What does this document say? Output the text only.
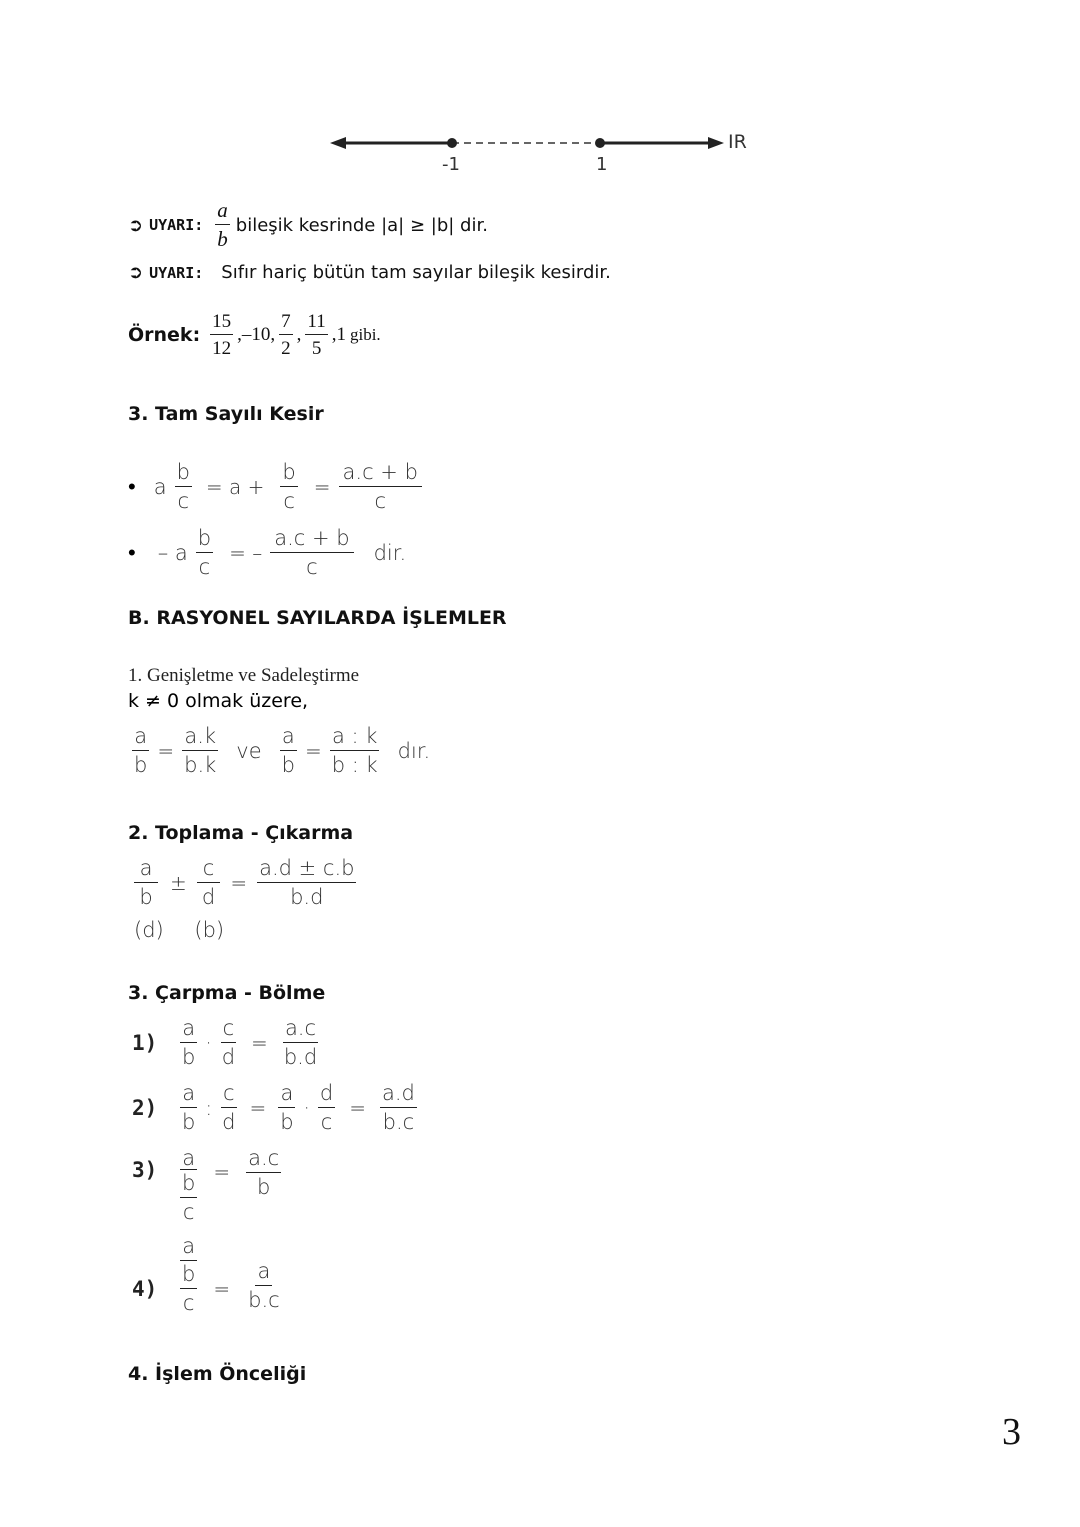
-1	1
IR
➲ UYARI: $\frac{a}{b}$ bileşik kesrinde |a| ≥ |b| dir.
➲ UYARI: Sıfır hariç bütün tam sayılar bileşik kesirdir.
Örnek: $\frac{15}{12} ,-10$, $\frac{7}{2}$ , $\frac{11}{5} ,1$ gibi.
3. Tam Sayılı Kesir
• a $\frac{b}{c} = a + \frac{b}{c} = \frac{a.c + b}{c}$
• – a $\frac{b}{c}$ = – $\frac{a.c + b}{c}$ dir.
B. RASYONEL SAYILARDA İŞLEMLER
1. Genişletme ve Sadeleştirme
k ≠ 0 olmak üzere,
$\frac{a}{b} = \frac{a.k}{b.k}$ ve $\frac{a}{b} = \frac{a : k}{b : k}$ dır.
2. Toplama - Çıkarma
$\frac{a}{b} \pm \frac{c}{d} = \frac{a.d \pm c.b}{b.d}$
(d) (b)
3. Çarpma - Bölme
1)	$\frac{a}{b} \cdot \frac{c}{d} = \frac{a.c}{b.d}$
2)	$\frac{a}{b}$ : $\frac{c}{d} = \frac{a}{b} \cdot \frac{d}{c} = \frac{a.d}{b.c}$
3)	a
b
c
= $\frac{a.c}{b}$
4)
a
b
c
= $\frac{a}{b.c}$
4. İşlem Önceliği
3
